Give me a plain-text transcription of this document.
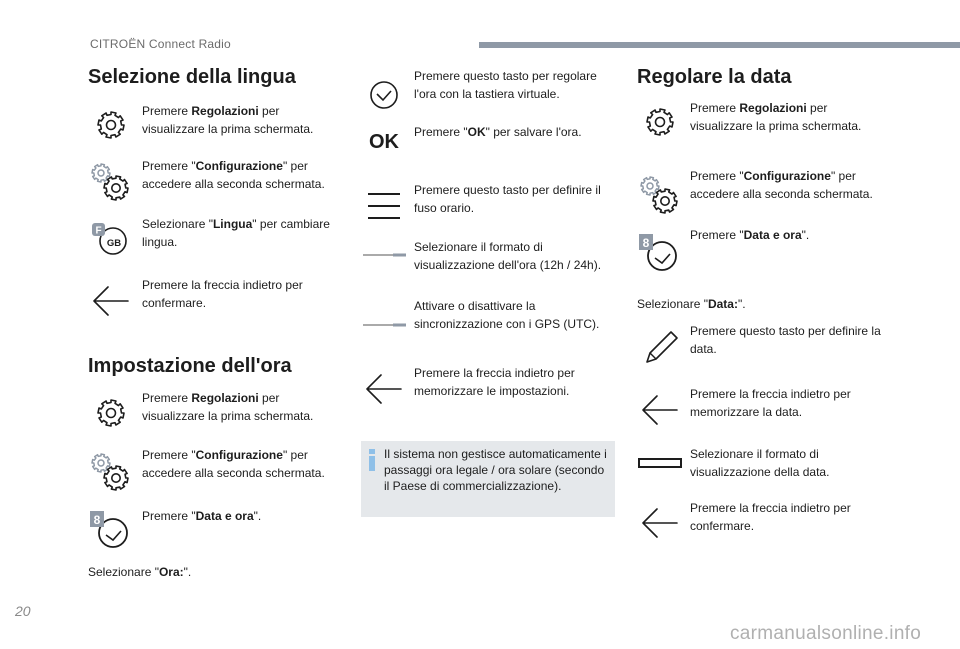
CITROËN Connect Radio
Selezione della lingua
Premere Regolazioni per visualizzare la prima schermata.
Premere "Configurazione" per accedere alla seconda schermata.
F
GB
Selezionare "Lingua" per cambiare lingua.
Premere la freccia indietro per confermare.
Impostazione dell'ora
Premere Regolazioni per visualizzare la prima schermata.
Premere "Configurazione" per accedere alla seconda schermata.
8	Premere "Data e ora".
Selezionare "Ora:".
Premere questo tasto per regolare l'ora con la tastiera virtuale.
OK Premere "OK" per salvare l'ora.
Premere questo tasto per definire il fuso orario.
Selezionare il formato di visualizzazione dell'ora (12h / 24h).
Attivare o disattivare la sincronizzazione con i GPS (UTC).
Premere la freccia indietro per memorizzare le impostazioni.
Il sistema non gestisce automaticamente i passaggi ora legale / ora solare (secondo il Paese di commercializzazione).
Regolare la data
Premere Regolazioni per visualizzare la prima schermata.
Premere "Configurazione" per accedere alla seconda schermata.
8
Premere "Data e ora".
Selezionare "Data:".
Premere questo tasto per definire la data.
Premere la freccia indietro per memorizzare la data.
Selezionare il formato di visualizzazione della data.
Premere la freccia indietro per confermare.
20
carmanualsonline.info
